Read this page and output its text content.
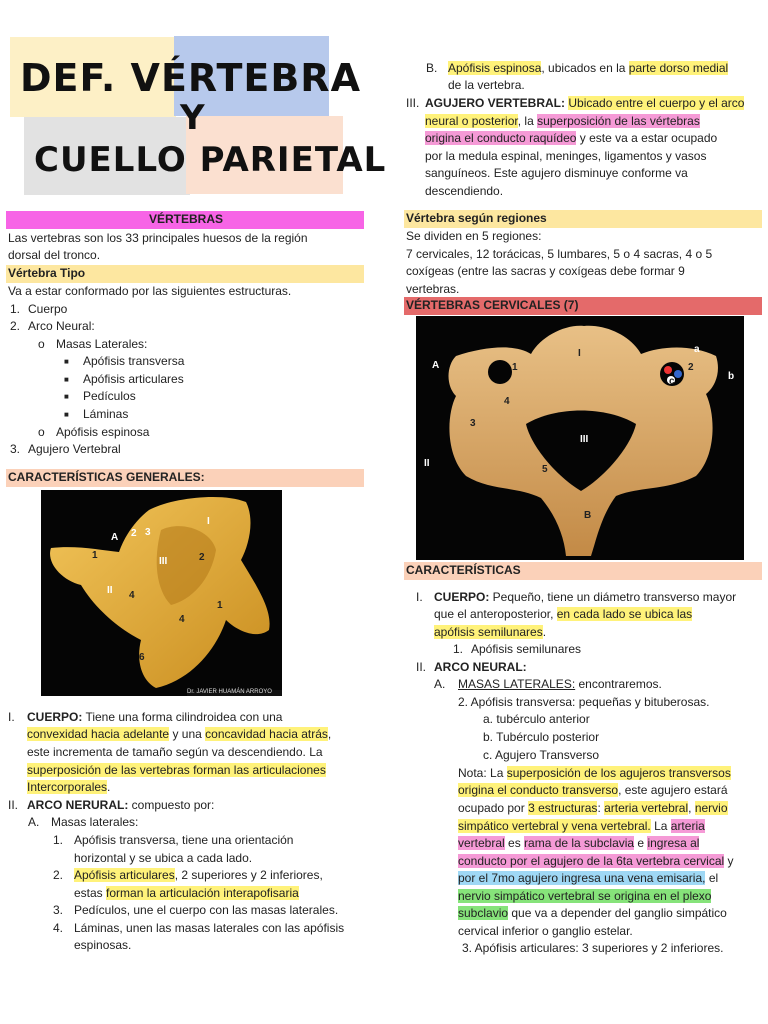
DEF. VÉRTEBRA
Y
CUELLO PARIETAL
VÉRTEBRAS
Las vertebras son los 33 principales huesos de la región
dorsal del tronco.
Vértebra Tipo
Va a estar conformado por las siguientes estructuras.
1. Cuerpo
2. Arco Neural:
o Masas Laterales:
■ Apófisis transversa
■ Apófisis articulares
■ Pedículos
■ Láminas
o Apófisis espinosa
3. Agujero Vertebral
CARACTERÍSTICAS GENERALES:
A 2 3
1
III	2
II 4
1
4
6
I
Dr. JAVIER HUAMÁN ARROYO
I. CUERPO: Tiene una forma cilindroidea con una
convexidad hacia adelante y una concavidad hacia atrás,
este incrementa de tamaño según va descendiendo. La
superposición de las vertebras forman las articulaciones
Intercorporales.
II. ARCO NERURAL: compuesto por:
A. Masas laterales:
1. Apófisis transversa, tiene una orientación
horizontal y se ubica a cada lado.
2. Apófisis articulares, 2 superiores y 2 inferiores,
estas forman la articulación interapofisaria
3. Pedículos, une el cuerpo con las masas laterales.
4. Láminas, unen las masas laterales con las apófisis
espinosas.
B. Apófisis espinosa, ubicados en la parte dorso medial
de la vertebra.
III. AGUJERO VERTEBRAL: Ubicado entre el cuerpo y el arco
neural o posterior, la superposición de las vértebras
origina el conducto raquídeo y este va a estar ocupado
por la medula espinal, meninges, ligamentos y vasos
sanguíneos. Este agujero disminuye conforme va
descendiendo.
Vértebra según regiones
Se dividen en 5 regiones:
7 cervicales, 12 torácicas, 5 lumbares, 5 o 4 sacras, 4 o 5
coxígeas (entre las sacras y coxígeas debe formar 9
vertebras.
VÉRTEBRAS CERVICALES (7)
A	1
I
2
a
b
c
4
3
III
II
5
B
CARACTERÍSTICAS
I. CUERPO: Pequeño, tiene un diámetro transverso mayor
que el anteroposterior, en cada lado se ubica las
apófisis semilunares.
1. Apófisis semilunares
II. ARCO NEURAL:
A. MASAS LATERALES: encontraremos.
2. Apófisis transversa: pequeñas y bituberosas.
a. tubérculo anterior
b. Tubérculo posterior
c. Agujero Transverso
Nota: La superposición de los agujeros transversos
origina el conducto transverso, este agujero estará
ocupado por 3 estructuras: arteria vertebral, nervio
simpático vertebral y vena vertebral. La arteria
vertebral es rama de la subclavia e ingresa al
conducto por el agujero de la 6ta vertebra cervical y
por el 7mo agujero ingresa una vena emisaria, el
nervio simpático vertebral se origina en el plexo
subclavio que va a depender del ganglio simpático
cervical inferior o ganglio estelar.
3. Apófisis articulares: 3 superiores y 2 inferiores.
